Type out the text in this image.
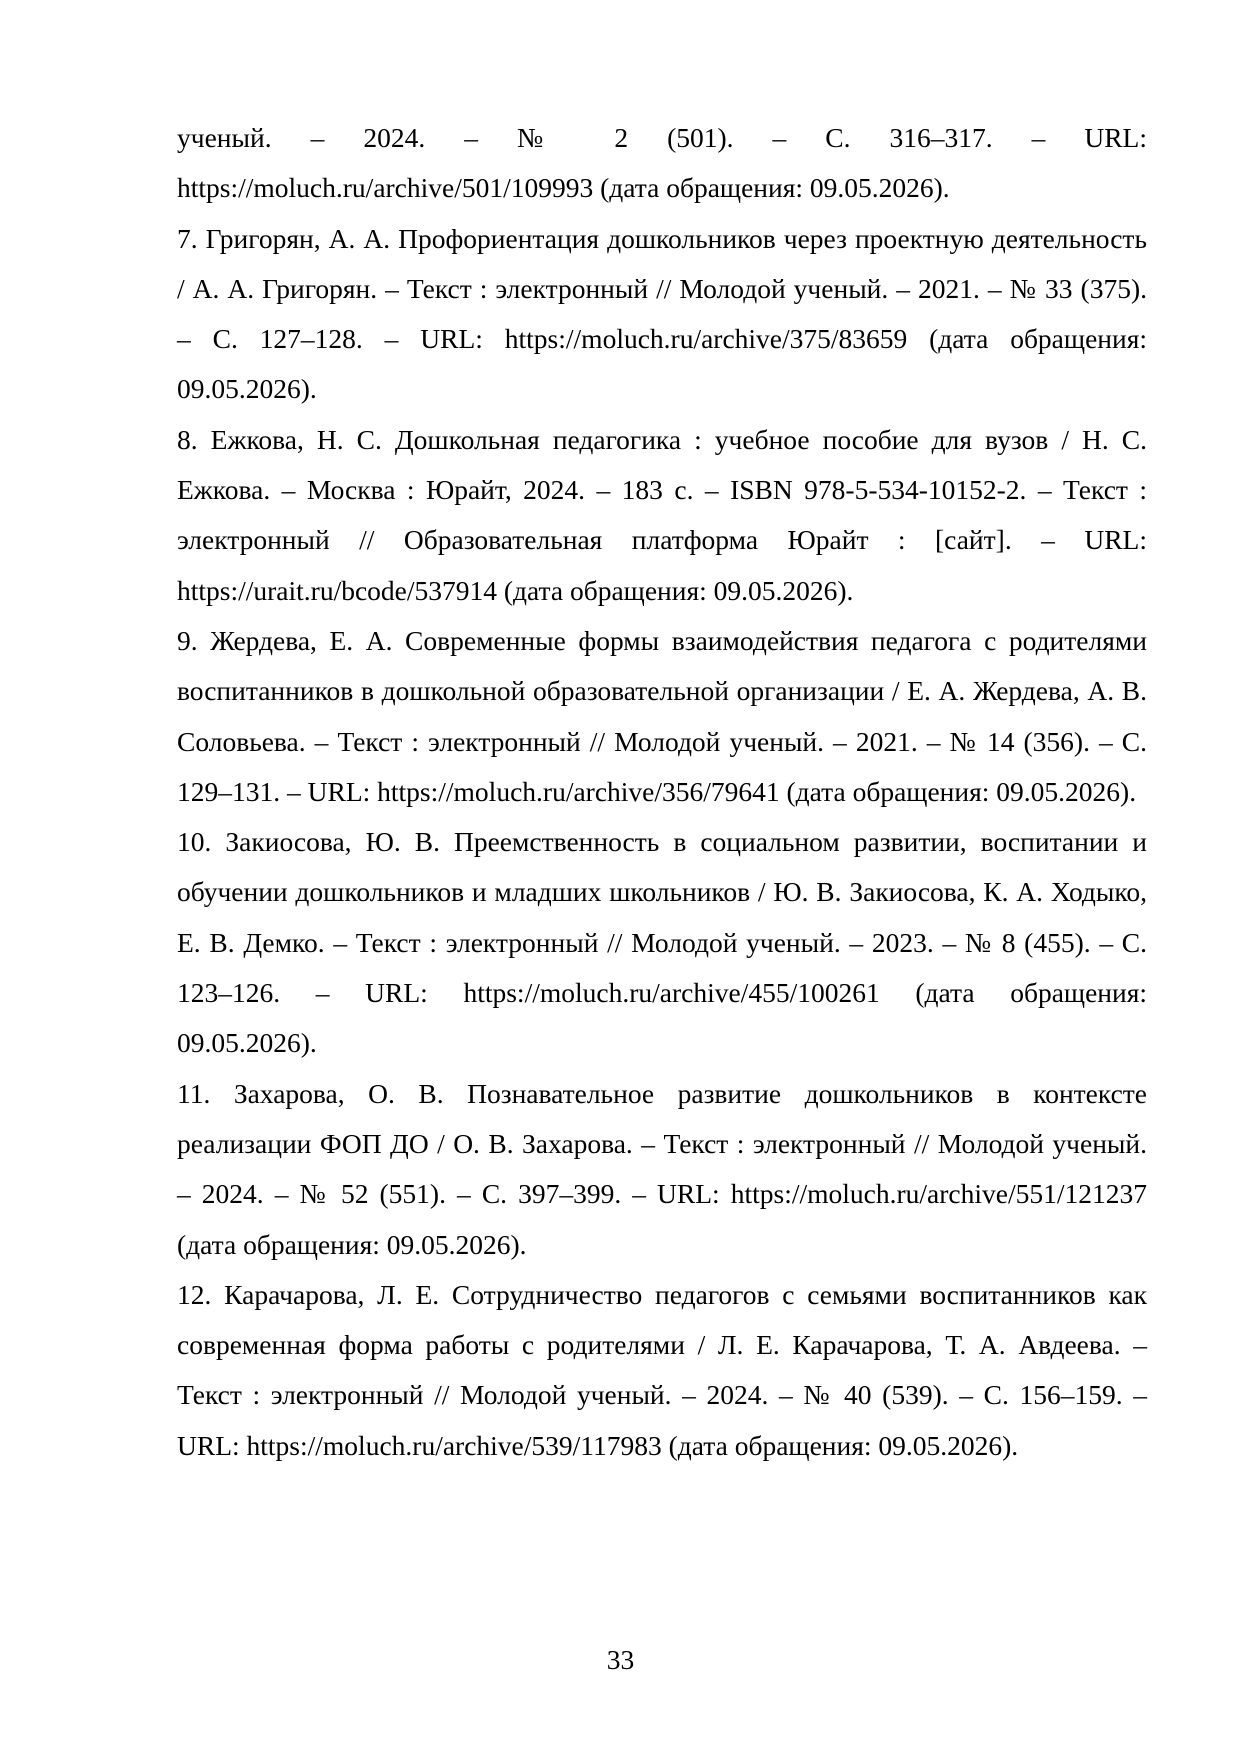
ученый. – 2024. – № 2 (501). – С. 316–317. – URL: https://moluch.ru/archive/501/109993 (дата обращения: 09.05.2026).

7. Григорян, А. А. Профориентация дошкольников через проектную деятельность / А. А. Григорян. – Текст : электронный // Молодой ученый. – 2021. – № 33 (375). – С. 127–128. – URL: https://moluch.ru/archive/375/83659 (дата обращения: 09.05.2026).

8. Ежкова, Н. С. Дошкольная педагогика : учебное пособие для вузов / Н. С. Ежкова. – Москва : Юрайт, 2024. – 183 с. – ISBN 978-5-534-10152-2. – Текст : электронный // Образовательная платформа Юрайт : [сайт]. – URL: https://urait.ru/bcode/537914 (дата обращения: 09.05.2026).

9. Жердева, Е. А. Современные формы взаимодействия педагога с родителями воспитанников в дошкольной образовательной организации / Е. А. Жердева, А. В. Соловьева. – Текст : электронный // Молодой ученый. – 2021. – № 14 (356). – С. 129–131. – URL: https://moluch.ru/archive/356/79641 (дата обращения: 09.05.2026).

10. Закиосова, Ю. В. Преемственность в социальном развитии, воспитании и обучении дошкольников и младших школьников / Ю. В. Закиосова, К. А. Ходыко, Е. В. Демко. – Текст : электронный // Молодой ученый. – 2023. – № 8 (455). – С. 123–126. – URL: https://moluch.ru/archive/455/100261 (дата обращения: 09.05.2026).

11. Захарова, О. В. Познавательное развитие дошкольников в контексте реализации ФОП ДО / О. В. Захарова. – Текст : электронный // Молодой ученый. – 2024. – № 52 (551). – С. 397–399. – URL: https://moluch.ru/archive/551/121237 (дата обращения: 09.05.2026).

12. Карачарова, Л. Е. Сотрудничество педагогов с семьями воспитанников как современная форма работы с родителями / Л. Е. Карачарова, Т. А. Авдеева. – Текст : электронный // Молодой ученый. – 2024. – № 40 (539). – С. 156–159. – URL: https://moluch.ru/archive/539/117983 (дата обращения: 09.05.2026).

33
